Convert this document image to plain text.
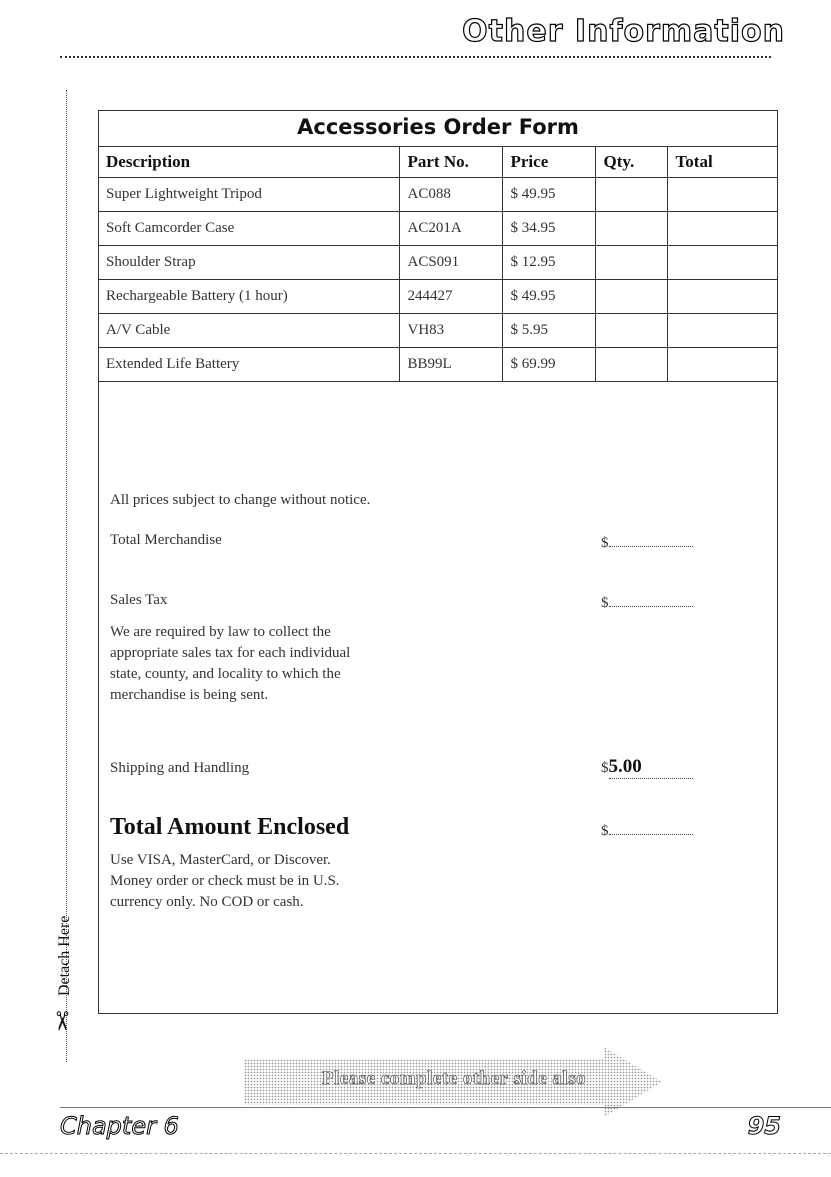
Other Information
Detach Here
✂
Accessories Order Form
Description	Part No.	Price	Qty.	Total
Super Lightweight Tripod	AC088	$ 49.95		
Soft Camcorder Case	AC201A	$ 34.95		
Shoulder Strap	ACS091	$ 12.95		
Rechargeable Battery (1 hour)	244427	$ 49.95		
A/V Cable	VH83	$ 5.95		
Extended Life Battery	BB99L	$ 69.99		
All prices subject to change without notice.
Total Merchandise	$
Sales Tax	$
We are required by law to collect the
appropriate sales tax for each individual
state, county, and locality to which the
merchandise is being sent.
Shipping and Handling	$5.00
Total Amount Enclosed	$
Use VISA, MasterCard, or Discover.
Money order or check must be in U.S.
currency only. No COD or cash.
Please complete other side also
Chapter 6	95
